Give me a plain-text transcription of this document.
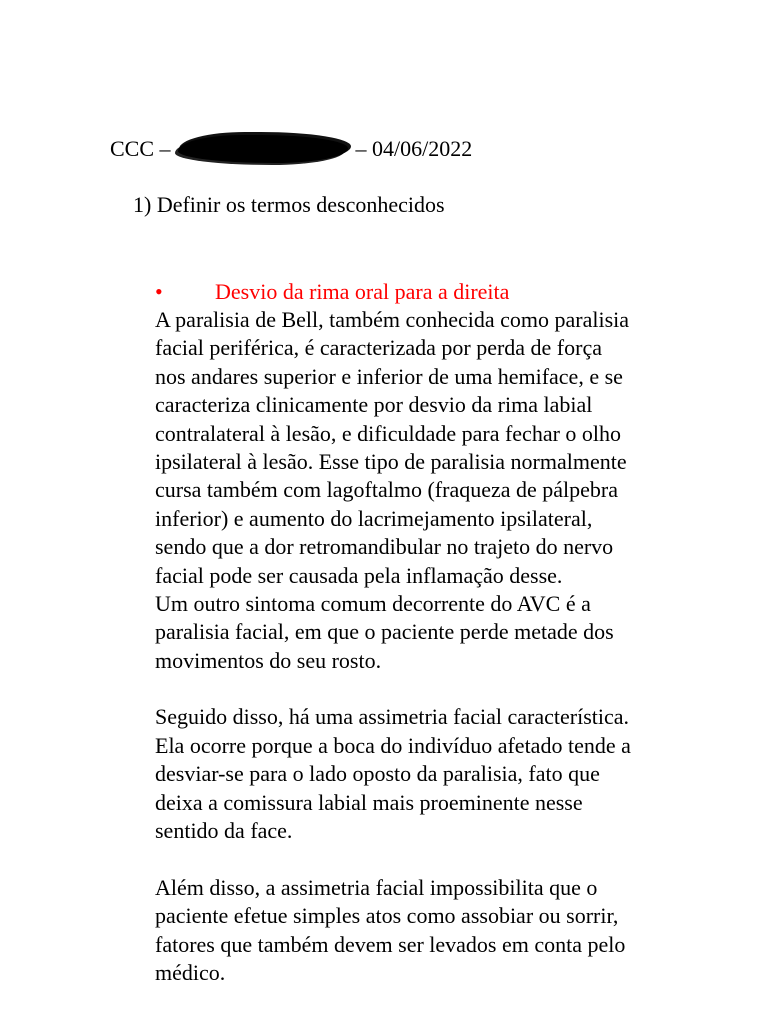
CCC –	– 04/06/2022
1) Definir os termos desconhecidos
• Desvio da rima oral para a direita
A paralisia de Bell, também conhecida como paralisia
facial periférica, é caracterizada por perda de força
nos andares superior e inferior de uma hemiface, e se
caracteriza clinicamente por desvio da rima labial
contralateral à lesão, e dificuldade para fechar o olho
ipsilateral à lesão. Esse tipo de paralisia normalmente
cursa também com lagoftalmo (fraqueza de pálpebra
inferior) e aumento do lacrimejamento ipsilateral,
sendo que a dor retromandibular no trajeto do nervo
facial pode ser causada pela inflamação desse.
Um outro sintoma comum decorrente do AVC é a
paralisia facial, em que o paciente perde metade dos
movimentos do seu rosto.
Seguido disso, há uma assimetria facial característica.
Ela ocorre porque a boca do indivíduo afetado tende a
desviar-se para o lado oposto da paralisia, fato que
deixa a comissura labial mais proeminente nesse
sentido da face.
Além disso, a assimetria facial impossibilita que o
paciente efetue simples atos como assobiar ou sorrir,
fatores que também devem ser levados em conta pelo
médico.
